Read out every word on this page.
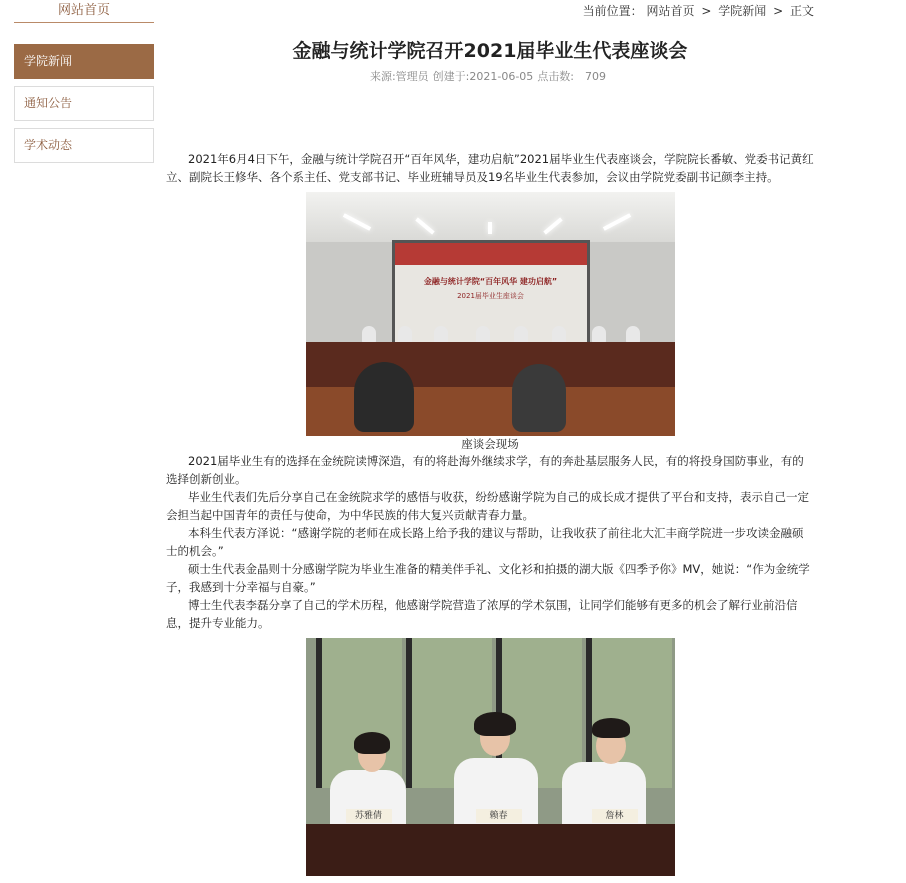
网站首页
学院新闻
通知公告
学术动态
当前位置： 网站首页 > 学院新闻 > 正文
金融与统计学院召开2021届毕业生代表座谈会
来源:管理员 创建于:2021-06-05 点击数: 709

2021年6月4日下午，金融与统计学院召开“百年风华，建功启航”2021届毕业生代表座谈会，学院院长番敏、党委书记黄红立、副院长王修华、各个系主任、党支部书记、毕业班辅导员及19名毕业生代表参加，会议由学院党委副书记颜李主持。

金融与统计学院“百年风华 建功启航”
2021届毕业生座谈会
座谈会现场

2021届毕业生有的选择在金统院读博深造，有的将赴海外继续求学，有的奔赴基层服务人民，有的将投身国防事业，有的选择创新创业。

毕业生代表们先后分享自己在金统院求学的感悟与收获，纷纷感谢学院为自己的成长成才提供了平台和支持，表示自己一定会担当起中国青年的责任与使命，为中华民族的伟大复兴贡献青春力量。

本科生代表方泽说：“感谢学院的老师在成长路上给予我的建议与帮助，让我收获了前往北大汇丰商学院进一步攻读金融硕士的机会。”

硕士生代表金晶则十分感谢学院为毕业生准备的精美伴手礼、文化衫和拍摄的湖大版《四季予你》MV，她说：“作为金统学子，我感到十分幸福与自豪。”

博士生代表李磊分享了自己的学术历程，他感谢学院营造了浓厚的学术氛围，让同学们能够有更多的机会了解行业前沿信息，提升专业能力。

苏雅倩	赖春	詹林
